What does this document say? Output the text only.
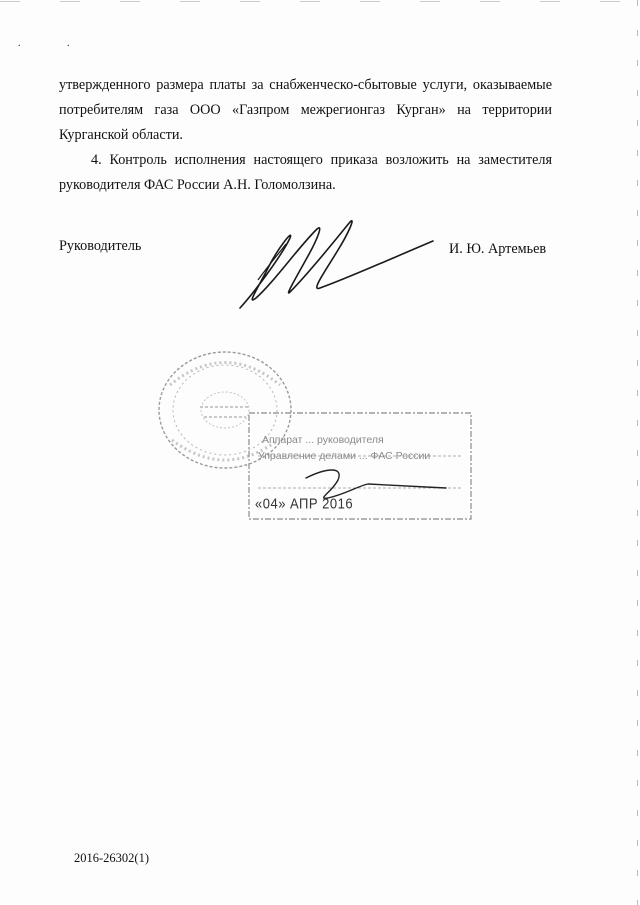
. .
утвержденного размера платы за снабженческо-сбытовые услуги, оказываемые
потребителям газа ООО «Газпром межрегионгаз Курган» на территории
Курганской области.
4. Контроль исполнения настоящего приказа возложить на заместителя
руководителя ФАС России А.Н. Голомолзина.
Руководитель	И. Ю. Артемьев
Аппарат ... руководителя
Управление делами ... ФАС России
«04» АПР 2016
2016-26302(1)
